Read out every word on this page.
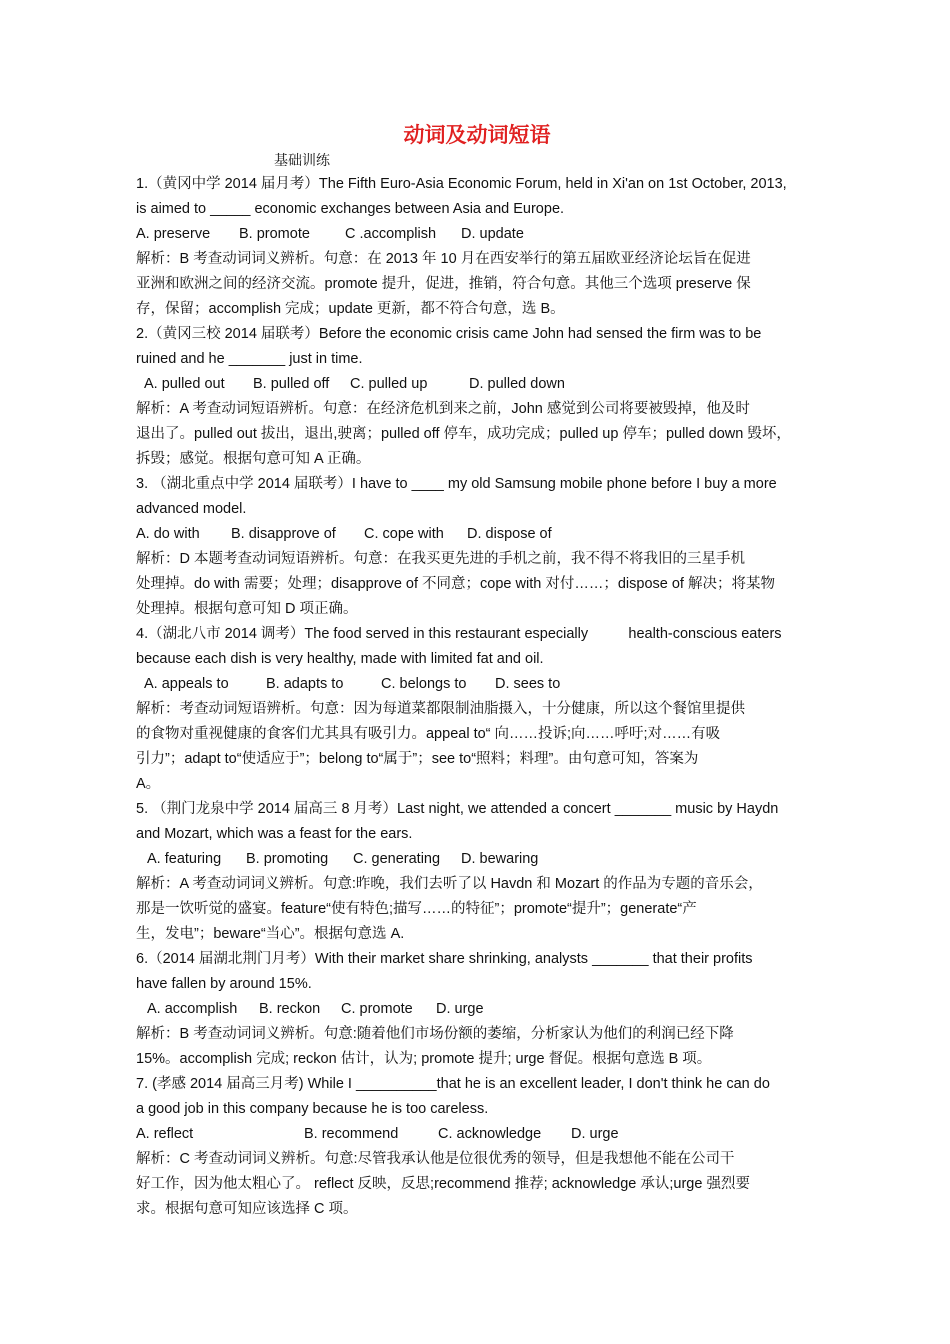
动词及动词短语
基础训练
1.（黄冈中学 2014 届月考）The Fifth Euro-Asia Economic Forum, held in Xi'an on 1st October, 2013,
is aimed to _____ economic exchanges between Asia and Europe.
A. preserve	B. promote	C .accomplish	D. update
解析：B 考查动词词义辨析。句意：在 2013 年 10 月在西安举行的第五届欧亚经济论坛旨在促进
亚洲和欧洲之间的经济交流。promote 提升，促进，推销，符合句意。其他三个选项 preserve 保
存，保留；accomplish 完成；update 更新，都不符合句意，选 B。
2.（黄冈三校 2014 届联考）Before the economic crisis came John had sensed the firm was to be
ruined and he _______ just in time.
A. pulled out	B. pulled off	C. pulled up	D. pulled down
解析：A 考查动词短语辨析。句意：在经济危机到来之前，John 感觉到公司将要被毁掉，他及时
退出了。pulled out 拔出，退出,驶离；pulled off 停车，成功完成；pulled up 停车；pulled down 毁坏，
拆毁；感觉。根据句意可知 A 正确。
3. （湖北重点中学 2014 届联考）I have to ____ my old Samsung mobile phone before I buy a more
advanced model.
A. do with	B. disapprove of	C. cope with	D. dispose of
解析：D 本题考查动词短语辨析。句意：在我买更先进的手机之前，我不得不将我旧的三星手机
处理掉。do with 需要；处理；disapprove of 不同意；cope with 对付……；dispose of 解决；将某物
处理掉。根据句意可知 D 项正确。
4.（湖北八市 2014 调考）The food served in this restaurant especially          health-conscious eaters
because each dish is very healthy, made with limited fat and oil.
A. appeals to	B. adapts to	C. belongs to	D. sees to
解析：考查动词短语辨析。句意：因为每道菜都限制油脂摄入，十分健康，所以这个餐馆里提供
的食物对重视健康的食客们尤其具有吸引力。appeal to“ 向……投诉;向……呼吁;对……有吸
引力”；adapt to“使适应于”；belong to“属于”；see to“照料；料理”。由句意可知，答案为
A。
5. （荆门龙泉中学 2014 届高三 8 月考）Last night, we attended a concert _______ music by Haydn
and Mozart, which was a feast for the ears.
A. featuring	B. promoting	C. generating	D. bewaring
解析：A 考查动词词义辨析。句意:昨晚，我们去听了以 Havdn 和 Mozart 的作品为专题的音乐会，
那是一饮听觉的盛宴。feature“使有特色;描写……的特征”；promote“提升”；generate“产
生，发电”；beware“当心”。根据句意选 A.
6.（2014 届湖北荆门月考）With their market share shrinking, analysts _______ that their profits
have fallen by around 15%.
A. accomplish	B. reckon	C. promote	D. urge
解析：B 考查动词词义辨析。句意:随着他们市场份额的萎缩，分析家认为他们的利润已经下降
15%。accomplish 完成; reckon 估计，认为; promote 提升; urge 督促。根据句意选 B 项。
7. (孝感 2014 届高三月考) While I __________that he is an excellent leader, I don't think he can do
a good job in this company because he is too careless.
A. reflect	B. recommend	C. acknowledge	D. urge
解析：C 考查动词词义辨析。句意:尽管我承认他是位很优秀的领导，但是我想他不能在公司干
好工作，因为他太粗心了。 reflect 反映，反思;recommend 推荐; acknowledge 承认;urge 强烈要
求。根据句意可知应该选择 C 项。
